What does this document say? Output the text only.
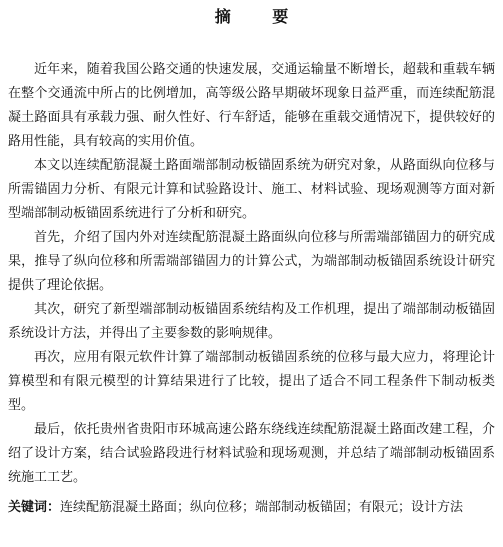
摘 要

近年来，随着我国公路交通的快速发展，交通运输量不断增长，超载和重载车辆在整个交通流中所占的比例增加，高等级公路早期破坏现象日益严重，而连续配筋混凝土路面具有承载力强、耐久性好、行车舒适，能够在重载交通情况下，提供较好的路用性能，具有较高的实用价值。

本文以连续配筋混凝土路面端部制动板锚固系统为研究对象，从路面纵向位移与所需锚固力分析、有限元计算和试验路设计、施工、材料试验、现场观测等方面对新型端部制动板锚固系统进行了分析和研究。

首先，介绍了国内外对连续配筋混凝土路面纵向位移与所需端部锚固力的研究成果，推导了纵向位移和所需端部锚固力的计算公式，为端部制动板锚固系统设计研究提供了理论依据。

其次，研究了新型端部制动板锚固系统结构及工作机理，提出了端部制动板锚固系统设计方法，并得出了主要参数的影响规律。

再次，应用有限元软件计算了端部制动板锚固系统的位移与最大应力，将理论计算模型和有限元模型的计算结果进行了比较，提出了适合不同工程条件下制动板类型。

最后，依托贵州省贵阳市环城高速公路东绕线连续配筋混凝土路面改建工程，介绍了设计方案，结合试验路段进行材料试验和现场观测，并总结了端部制动板锚固系统施工工艺。

关键词：连续配筋混凝土路面；纵向位移；端部制动板锚固；有限元；设计方法
